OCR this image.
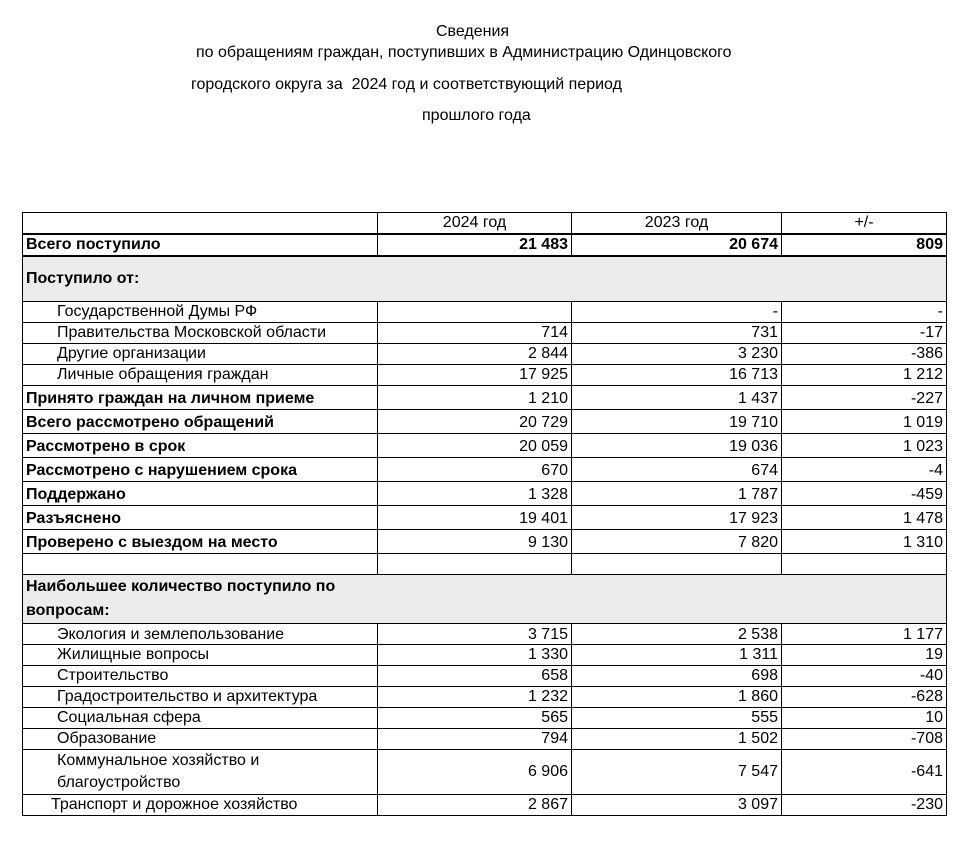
Сведения
по обращениям граждан, поступивших в Администрацию Одинцовского
городского округа за  2024 год и соответствующий период
прошлого года
	2024 год	2023 год	+/-
Всего поступило	21 483	20 674	809
Поступило от:			
Государственной Думы РФ		-	-
Правительства Московской области	714	731	-17
Другие организации	2 844	3 230	-386
Личные обращения граждан	17 925	16 713	1 212
Принято граждан на личном приеме	1 210	1 437	-227
Всего рассмотрено обращений	20 729	19 710	1 019
Рассмотрено в срок	20 059	19 036	1 023
Рассмотрено с нарушением срока	670	674	-4
Поддержано	1 328	1 787	-459
Разъяснено	19 401	17 923	1 478
Проверено с выездом на место	9 130	7 820	1 310

Наибольшее количество поступило по
вопросам:			

Экология и землепользование	3 715	2 538	1 177
Жилищные вопросы	1 330	1 311	19
Строительство	658	698	-40
Градостроительство и архитектура	1 232	1 860	-628
Социальная сфера	565	555	10
Образование	794	1 502	-708

Коммунальное хозяйство и
благоустройство	6 906	7 547	-641
Транспорт и дорожное хозяйство	2 867	3 097	-230
